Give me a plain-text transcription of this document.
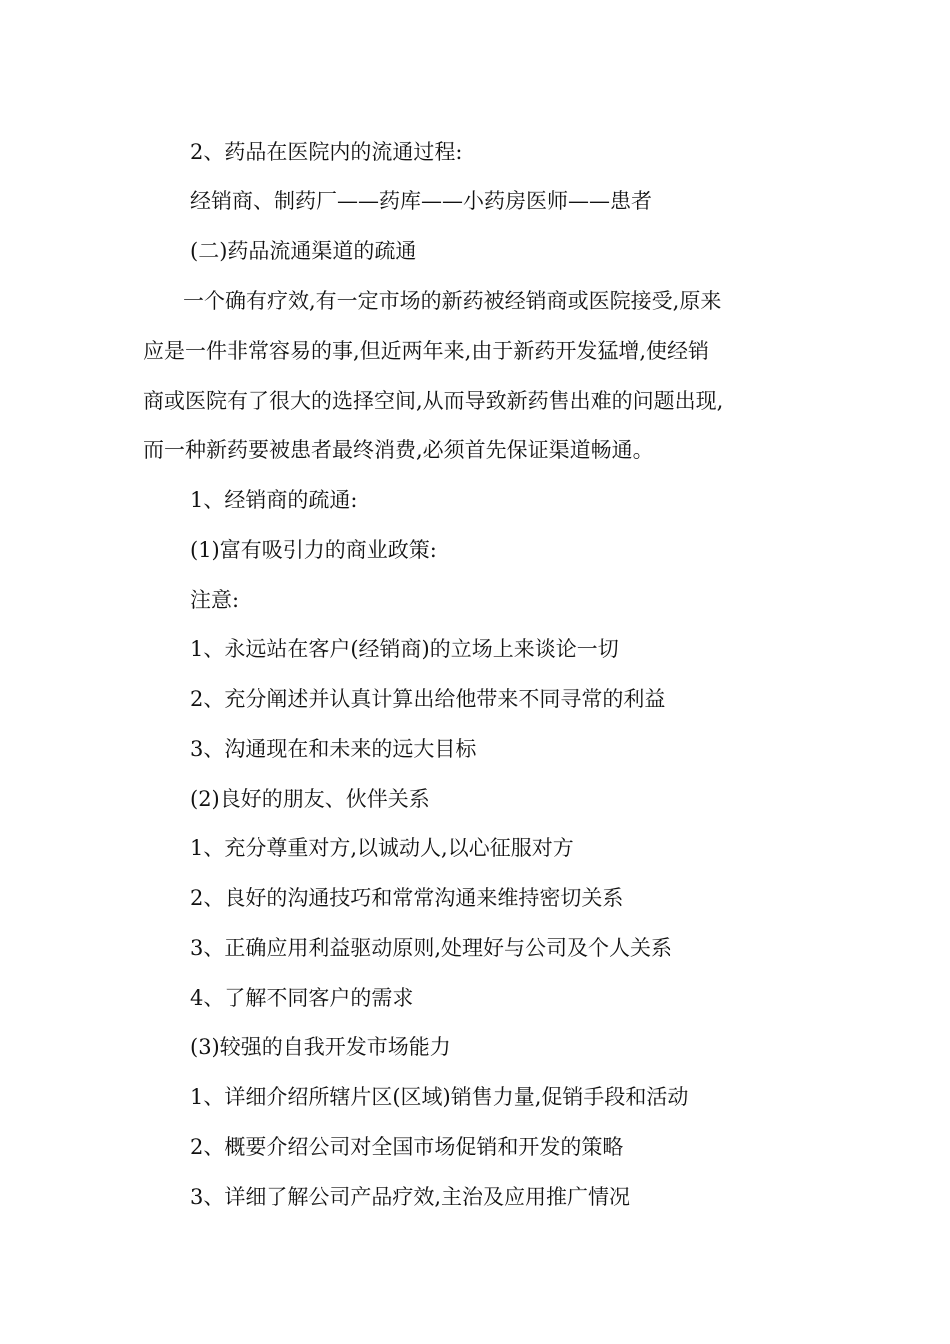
2、药品在医院内的流通过程:
经销商、制药厂——药库——小药房医师——患者
(二)药品流通渠道的疏通
一个确有疗效,有一定市场的新药被经销商或医院接受,原来
应是一件非常容易的事,但近两年来,由于新药开发猛增,使经销
商或医院有了很大的选择空间,从而导致新药售出难的问题出现,
而一种新药要被患者最终消费,必须首先保证渠道畅通。
1、经销商的疏通:
(1)富有吸引力的商业政策:
注意:
1、永远站在客户(经销商)的立场上来谈论一切
2、充分阐述并认真计算出给他带来不同寻常的利益
3、沟通现在和未来的远大目标
(2)良好的朋友、伙伴关系
1、充分尊重对方,以诚动人,以心征服对方
2、良好的沟通技巧和常常沟通来维持密切关系
3、正确应用利益驱动原则,处理好与公司及个人关系
4、了解不同客户的需求
(3)较强的自我开发市场能力
1、详细介绍所辖片区(区域)销售力量,促销手段和活动
2、概要介绍公司对全国市场促销和开发的策略
3、详细了解公司产品疗效,主治及应用推广情况
